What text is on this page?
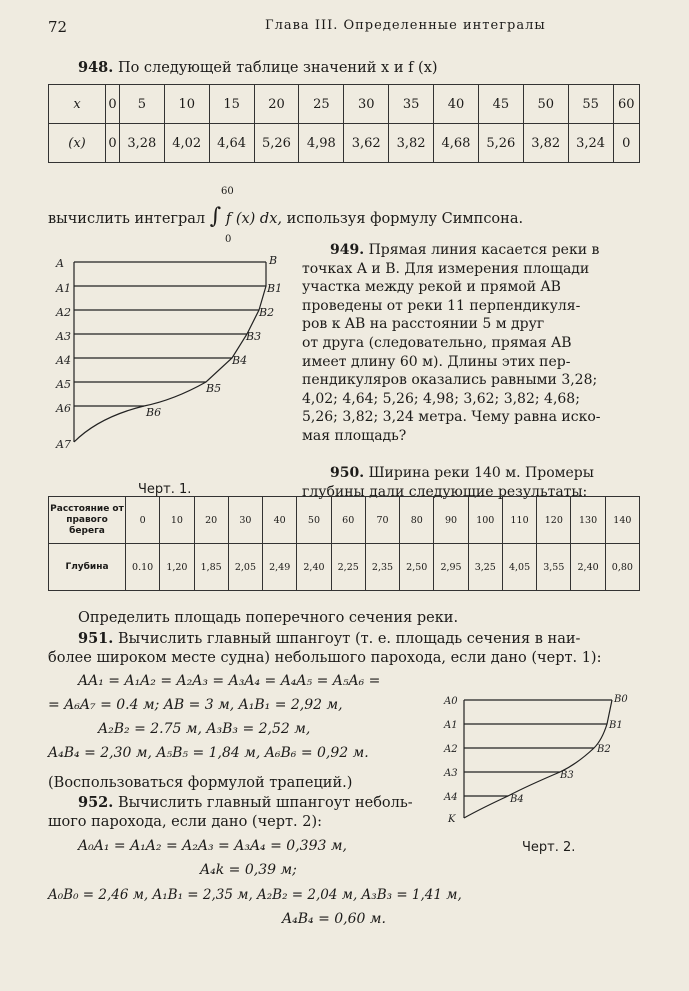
72	Глава III. Определенные интегралы
948. По следующей таблице значений x и f (x)
x	0	5	10	15	20	25	30	35	40	45	50	55	60
(x)	0	3,28	4,02	4,64	5,26	4,98	3,62	3,82	4,68	5,26	3,82	3,24	0
60
0
вычислить интеграл ∫ f (x) dx, используя формулу Симпсона.
A
A1
A2
A3
A4
A5
A6
A7
B
B1
B2
B3
B4
B5
B6
Черт. 1.
949. Прямая линия касается реки в
точках A и B. Для измерения площади
участка между рекой и прямой AB
проведены от реки 11 перпендикуля-
ров к AB на расстоянии 5 м друг
от друга (следовательно, прямая AB
имеет длину 60 м). Длины этих пер-
пендикуляров оказались равными 3,28;
4,02; 4,64; 5,26; 4,98; 3,62; 3,82; 4,68;
5,26; 3,82; 3,24 метра. Чему равна иско-
мая площадь?
950. Ширина реки 140 м. Промеры
глубины дали следующие результаты:
Расстояние от правого берега	0	10	20	30	40	50	60	70	80	90	100	110	120	130	140
Глубина	0.10	1,20	1,85	2,05	2,49	2,40	2,25	2,35	2,50	2,95	3,25	4,05	3,55	2,40	0,80
Определить площадь поперечного сечения реки.
951. Вычислить главный шпангоут (т. е. площадь сечения в наи-
более широком месте судна) небольшого парохода, если дано (черт. 1):
AA₁ = A₁A₂ = A₂A₃ = A₃A₄ = A₄A₅ = A₅A₆ =
= A₆A₇ = 0.4 м; AB = 3 м, A₁B₁ = 2,92 м,
A₂B₂ = 2.75 м, A₃B₃ = 2,52 м,
A₄B₄ = 2,30 м, A₅B₅ = 1,84 м, A₆B₆ = 0,92 м.
(Воспользоваться формулой трапеций.)
952. Вычислить главный шпангоут неболь-
шого парохода, если дано (черт. 2):
A₀A₁ = A₁A₂ = A₂A₃ = A₃A₄ = 0,393 м,
A₄k = 0,39 м;
A₀B₀ = 2,46 м, A₁B₁ = 2,35 м, A₂B₂ = 2,04 м, A₃B₃ = 1,41 м,
A₄B₄ = 0,60 м.
A0
A1
A2
A3
A4
K
B0
B1
B2
B3
B4
Черт. 2.
